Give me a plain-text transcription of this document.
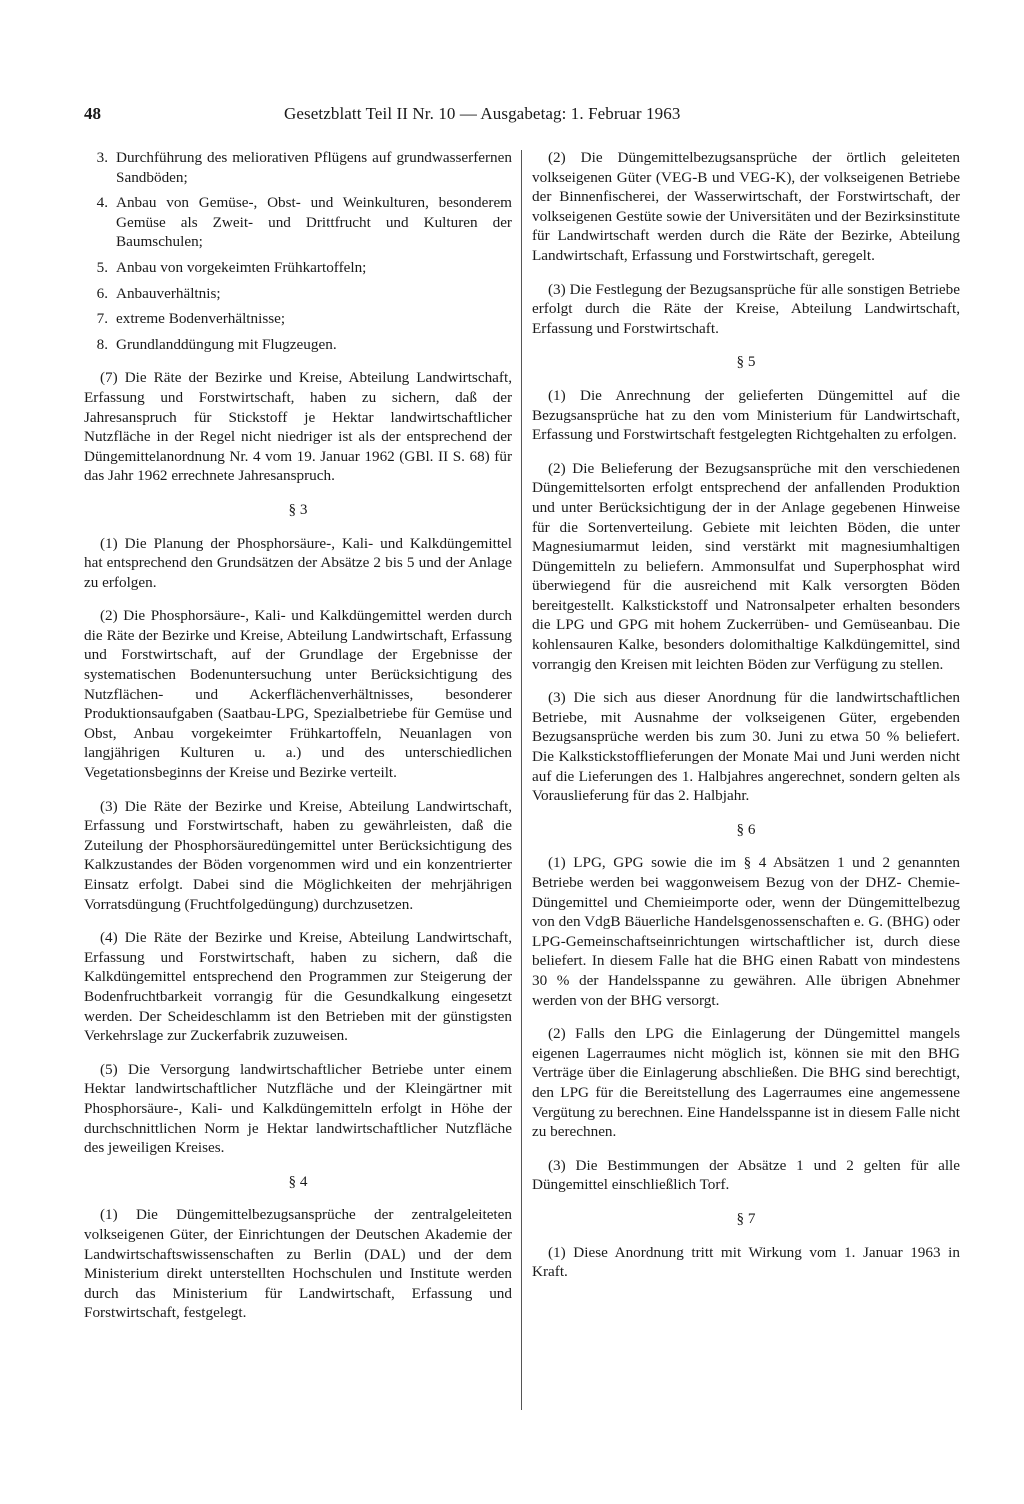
48	Gesetzblatt Teil II Nr. 10 — Ausgabetag: 1. Februar 1963
3. Durchführung des meliorativen Pflügens auf grundwasserfernen Sandböden;
4. Anbau von Gemüse-, Obst- und Weinkulturen, besonderem Gemüse als Zweit- und Drittfrucht und Kulturen der Baumschulen;
5. Anbau von vorgekeimten Frühkartoffeln;
6. Anbauverhältnis;
7. extreme Bodenverhältnisse;
8. Grundlanddüngung mit Flugzeugen.

(7) Die Räte der Bezirke und Kreise, Abteilung Landwirtschaft, Erfassung und Forstwirtschaft, haben zu sichern, daß der Jahresanspruch für Stickstoff je Hektar landwirtschaftlicher Nutzfläche in der Regel nicht niedriger ist als der entsprechend der Düngemittelanordnung Nr. 4 vom 19. Januar 1962 (GBl. II S. 68) für das Jahr 1962 errechnete Jahresanspruch.

§ 3

(1) Die Planung der Phosphorsäure-, Kali- und Kalkdüngemittel hat entsprechend den Grundsätzen der Absätze 2 bis 5 und der Anlage zu erfolgen.

(2) Die Phosphorsäure-, Kali- und Kalkdüngemittel werden durch die Räte der Bezirke und Kreise, Abteilung Landwirtschaft, Erfassung und Forstwirtschaft, auf der Grundlage der Ergebnisse der systematischen Bodenuntersuchung unter Berücksichtigung des Nutzflächen- und Ackerflächenverhältnisses, besonderer Produktionsaufgaben (Saatbau-LPG, Spezialbetriebe für Gemüse und Obst, Anbau vorgekeimter Frühkartoffeln, Neuanlagen von langjährigen Kulturen u. a.) und des unterschiedlichen Vegetationsbeginns der Kreise und Bezirke verteilt.

(3) Die Räte der Bezirke und Kreise, Abteilung Landwirtschaft, Erfassung und Forstwirtschaft, haben zu gewährleisten, daß die Zuteilung der Phosphorsäuredüngemittel unter Berücksichtigung des Kalkzustandes der Böden vorgenommen wird und ein konzentrierter Einsatz erfolgt. Dabei sind die Möglichkeiten der mehrjährigen Vorratsdüngung (Fruchtfolgedüngung) durchzusetzen.

(4) Die Räte der Bezirke und Kreise, Abteilung Landwirtschaft, Erfassung und Forstwirtschaft, haben zu sichern, daß die Kalkdüngemittel entsprechend den Programmen zur Steigerung der Bodenfruchtbarkeit vorrangig für die Gesundkalkung eingesetzt werden. Der Scheideschlamm ist den Betrieben mit der günstigsten Verkehrslage zur Zuckerfabrik zuzuweisen.

(5) Die Versorgung landwirtschaftlicher Betriebe unter einem Hektar landwirtschaftlicher Nutzfläche und der Kleingärtner mit Phosphorsäure-, Kali- und Kalkdüngemitteln erfolgt in Höhe der durchschnittlichen Norm je Hektar landwirtschaftlicher Nutzfläche des jeweiligen Kreises.

§ 4

(1) Die Düngemittelbezugsansprüche der zentralgeleiteten volkseigenen Güter, der Einrichtungen der Deutschen Akademie der Landwirtschaftswissenschaften zu Berlin (DAL) und der dem Ministerium direkt unterstellten Hochschulen und Institute werden durch das Ministerium für Landwirtschaft, Erfassung und Forstwirtschaft, festgelegt.

(2) Die Düngemittelbezugsansprüche der örtlich geleiteten volkseigenen Güter (VEG-B und VEG-K), der volkseigenen Betriebe der Binnenfischerei, der Wasserwirtschaft, der Forstwirtschaft, der volkseigenen Gestüte sowie der Universitäten und der Bezirksinstitute für Landwirtschaft werden durch die Räte der Bezirke, Abteilung Landwirtschaft, Erfassung und Forstwirtschaft, geregelt.

(3) Die Festlegung der Bezugsansprüche für alle sonstigen Betriebe erfolgt durch die Räte der Kreise, Abteilung Landwirtschaft, Erfassung und Forstwirtschaft.

§ 5

(1) Die Anrechnung der gelieferten Düngemittel auf die Bezugsansprüche hat zu den vom Ministerium für Landwirtschaft, Erfassung und Forstwirtschaft festgelegten Richtgehalten zu erfolgen.

(2) Die Belieferung der Bezugsansprüche mit den verschiedenen Düngemittelsorten erfolgt entsprechend der anfallenden Produktion und unter Berücksichtigung der in der Anlage gegebenen Hinweise für die Sortenverteilung. Gebiete mit leichten Böden, die unter Magnesiumarmut leiden, sind verstärkt mit magnesiumhaltigen Düngemitteln zu beliefern. Ammonsulfat und Superphosphat wird überwiegend für die ausreichend mit Kalk versorgten Böden bereitgestellt. Kalkstickstoff und Natronsalpeter erhalten besonders die LPG und GPG mit hohem Zuckerrüben- und Gemüseanbau. Die kohlensauren Kalke, besonders dolomithaltige Kalkdüngemittel, sind vorrangig den Kreisen mit leichten Böden zur Verfügung zu stellen.

(3) Die sich aus dieser Anordnung für die landwirtschaftlichen Betriebe, mit Ausnahme der volkseigenen Güter, ergebenden Bezugsansprüche werden bis zum 30. Juni zu etwa 50 % beliefert. Die Kalkstickstofflieferungen der Monate Mai und Juni werden nicht auf die Lieferungen des 1. Halbjahres angerechnet, sondern gelten als Vorauslieferung für das 2. Halbjahr.

§ 6

(1) LPG, GPG sowie die im § 4 Absätzen 1 und 2 genannten Betriebe werden bei waggonweisem Bezug von der DHZ- Chemie-Düngemittel und Chemieimporte oder, wenn der Düngemittelbezug von den VdgB Bäuerliche Handelsgenossenschaften e. G. (BHG) oder LPG-Gemeinschaftseinrichtungen wirtschaftlicher ist, durch diese beliefert. In diesem Falle hat die BHG einen Rabatt von mindestens 30 % der Handelsspanne zu gewähren. Alle übrigen Abnehmer werden von der BHG versorgt.

(2) Falls den LPG die Einlagerung der Düngemittel mangels eigenen Lagerraumes nicht möglich ist, können sie mit den BHG Verträge über die Einlagerung abschließen. Die BHG sind berechtigt, den LPG für die Bereitstellung des Lagerraumes eine angemessene Vergütung zu berechnen. Eine Handelsspanne ist in diesem Falle nicht zu berechnen.

(3) Die Bestimmungen der Absätze 1 und 2 gelten für alle Düngemittel einschließlich Torf.

§ 7

(1) Diese Anordnung tritt mit Wirkung vom 1. Januar 1963 in Kraft.
